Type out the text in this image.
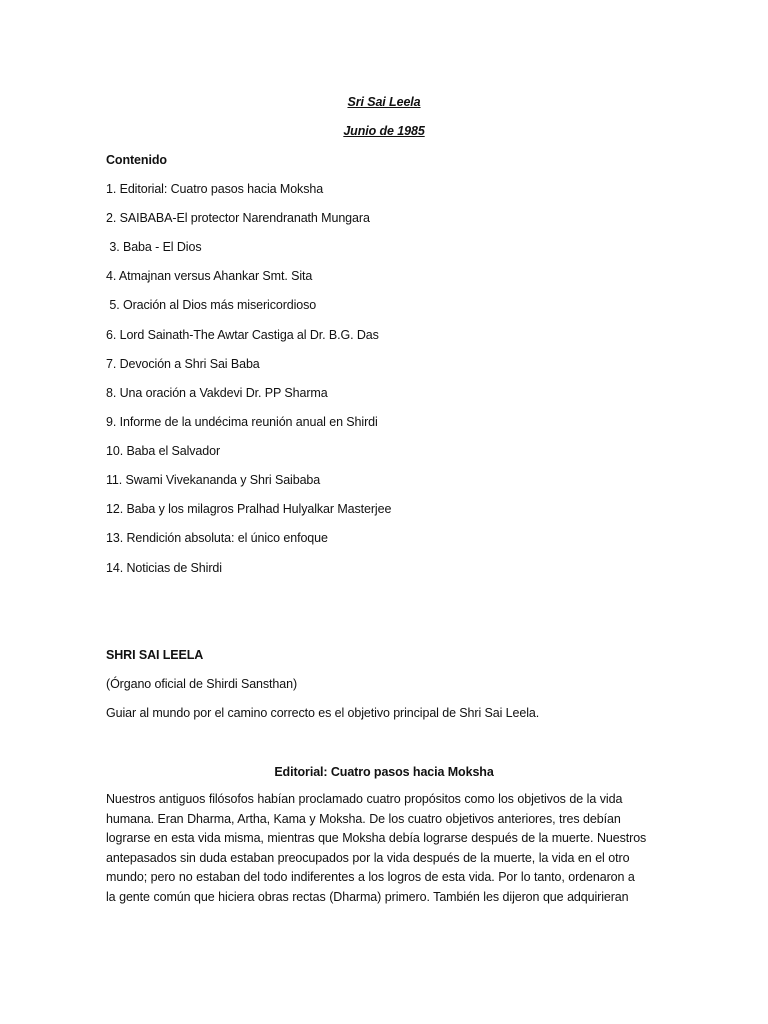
Sri Sai Leela
Junio de 1985
Contenido
1. Editorial: Cuatro pasos hacia Moksha
2. SAIBABA-El protector Narendranath Mungara
3. Baba - El Dios
4. Atmajnan versus Ahankar Smt. Sita
5. Oración al Dios más misericordioso
6. Lord Sainath-The Awtar Castiga al Dr. B.G. Das
7. Devoción a Shri Sai Baba
8. Una oración a Vakdevi Dr. PP Sharma
9. Informe de la undécima reunión anual en Shirdi
10. Baba el Salvador
11. Swami Vivekananda y Shri Saibaba
12. Baba y los milagros Pralhad Hulyalkar Masterjee
13. Rendición absoluta: el único enfoque
14. Noticias de Shirdi
SHRI SAI LEELA
(Órgano oficial de Shirdi Sansthan)
Guiar al mundo por el camino correcto es el objetivo principal de Shri Sai Leela.
Editorial: Cuatro pasos hacia Moksha
Nuestros antiguos filósofos habían proclamado cuatro propósitos como los objetivos de la vida
humana. Eran Dharma, Artha, Kama y Moksha. De los cuatro objetivos anteriores, tres debían
lograrse en esta vida misma, mientras que Moksha debía lograrse después de la muerte. Nuestros
antepasados sin duda estaban preocupados por la vida después de la muerte, la vida en el otro
mundo; pero no estaban del todo indiferentes a los logros de esta vida. Por lo tanto, ordenaron a
la gente común que hiciera obras rectas (Dharma) primero. También les dijeron que adquirieran
